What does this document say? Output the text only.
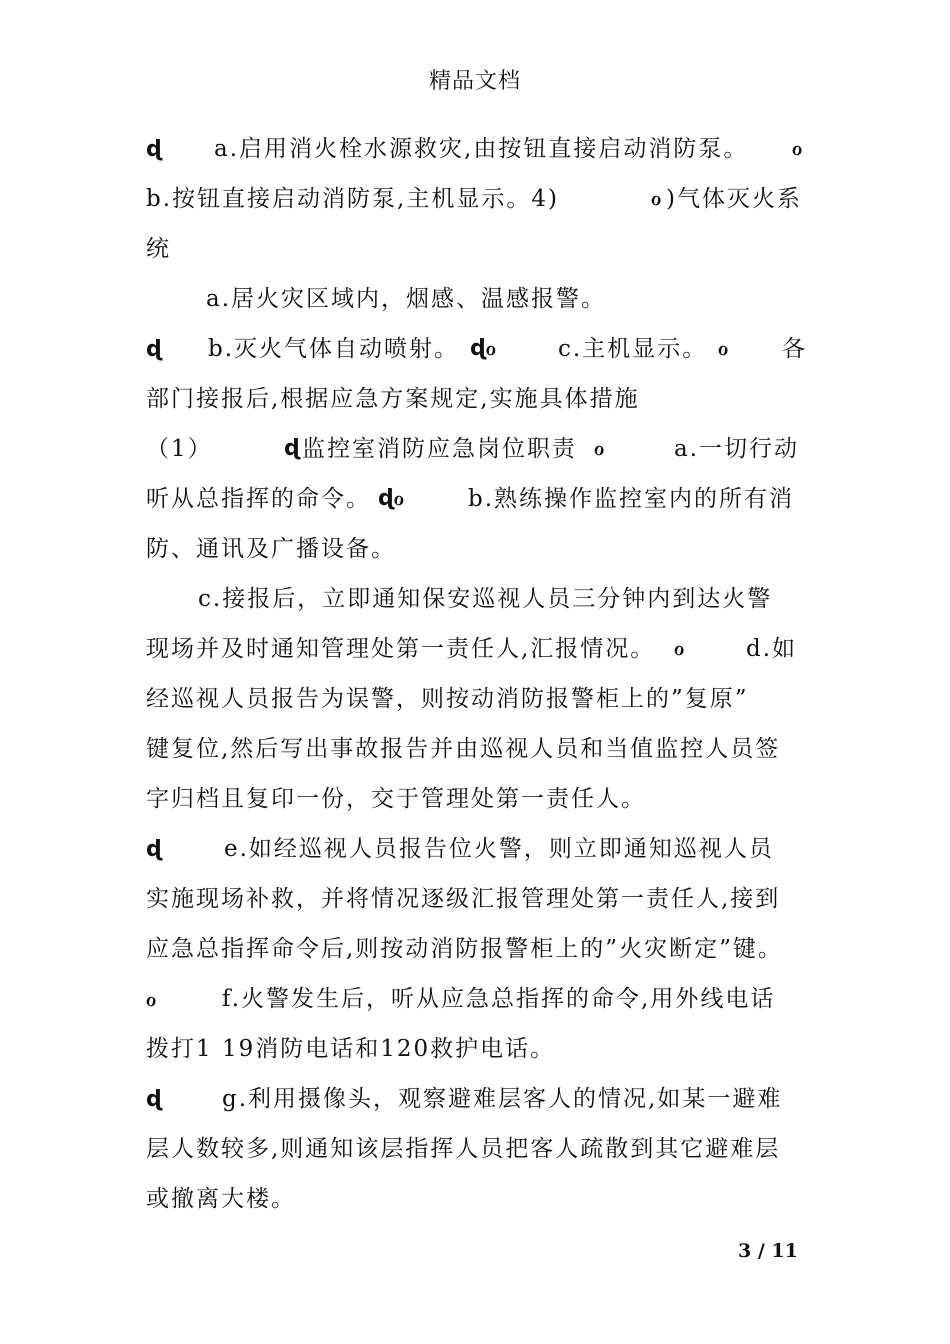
精品文档
ɖ a.启用消火栓水源救灾,由按钮直接启动消防泵。 ℴ
b.按钮直接启动消防泵,主机显示。4)	ℴ )气体灭火系
统
a.居火灾区域内，烟感、温感报警。
ɖ b.灭火气体自动喷射。 ɖℴ	c.主机显示。 ℴ 各
部门接报后,根据应急方案规定,实施具体措施
（1）	ɖ 监控室消防应急岗位职责 ℴ	a.一切行动
听从总指挥的命令。 ɖℴ	b.熟练操作监控室内的所有消
防、通讯及广播设备。
c.接报后，立即通知保安巡视人员三分钟内到达火警
现场并及时通知管理处第一责任人,汇报情况。 ℴ	d.如
经巡视人员报告为误警，则按动消防报警柜上的”复原”
键复位,然后写出事故报告并由巡视人员和当值监控人员签
字归档且复印一份，交于管理处第一责任人。
ɖ	e.如经巡视人员报告位火警，则立即通知巡视人员
实施现场补救，并将情况逐级汇报管理处第一责任人,接到
应急总指挥命令后,则按动消防报警柜上的”火灾断定”键。
ℴ	f.火警发生后，听从应急总指挥的命令,用外线电话
拨打1 19消防电话和120救护电话。
ɖ	g.利用摄像头，观察避难层客人的情况,如某一避难
层人数较多,则通知该层指挥人员把客人疏散到其它避难层
或撤离大楼。
3 / 11
